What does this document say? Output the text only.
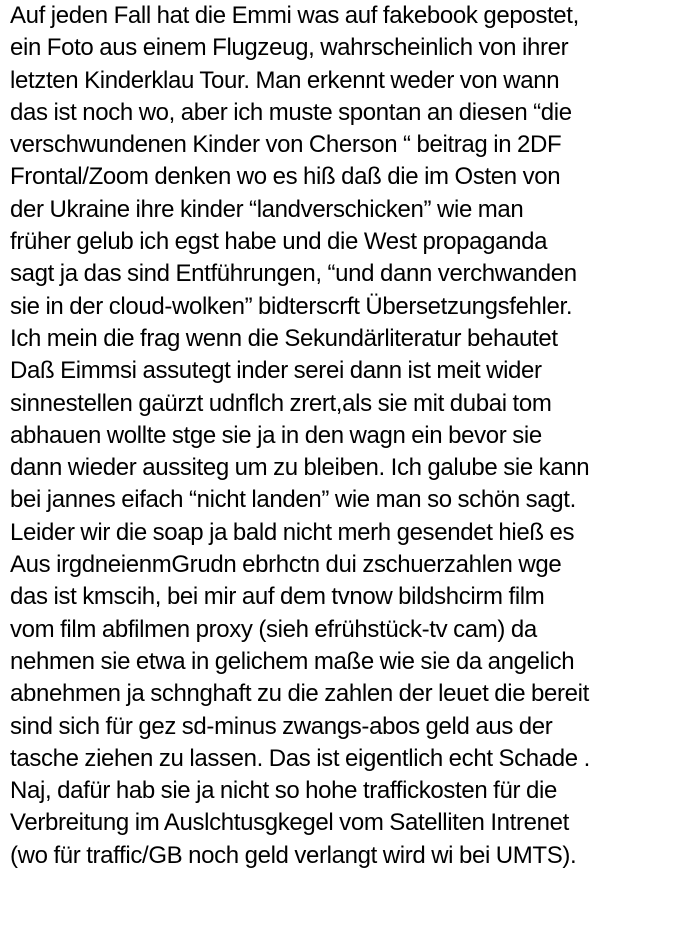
Auf jeden Fall hat die Emmi was auf fakebook gepostet,
ein Foto aus einem Flugzeug, wahrscheinlich von ihrer
letzten Kinderklau Tour. Man erkennt weder von wann
das ist noch wo, aber ich muste spontan an diesen “die
verschwundenen Kinder von Cherson “ beitrag in 2DF
Frontal/Zoom denken wo es hiß daß die im Osten von
der Ukraine ihre kinder “landverschicken” wie man
früher gelub ich egst habe und die West propaganda
sagt ja das sind Entführungen, “und dann verchwanden
sie in der cloud-wolken” bidterscrft Übersetzungsfehler.
Ich mein die frag wenn die Sekundärliteratur behautet
Daß Eimmsi assutegt inder serei dann ist meit wider
sinnestellen gaürzt udnflch zrert,als sie mit dubai tom
abhauen wollte stge sie ja in den wagn ein bevor sie
dann wieder aussiteg um zu bleiben. Ich galube sie kann
bei jannes eifach “nicht landen” wie man so schön sagt.
Leider wir die soap ja bald nicht merh gesendet hieß es
Aus irgdneienmGrudn ebrhctn dui zschuerzahlen wge
das ist kmscih, bei mir auf dem tvnow bildshcirm film
vom film abfilmen proxy (sieh efrühstück-tv cam) da
nehmen sie etwa in gelichem maße wie sie da angelich
abnehmen ja schnghaft zu die zahlen der leuet die bereit
sind sich für gez sd-minus zwangs-abos geld aus der
tasche ziehen zu lassen. Das ist eigentlich echt Schade .
Naj, dafür hab sie ja nicht so hohe traffickosten für die
Verbreitung im Auslchtusgkegel vom Satelliten Intrenet
(wo für traffic/GB noch geld verlangt wird wi bei UMTS).
